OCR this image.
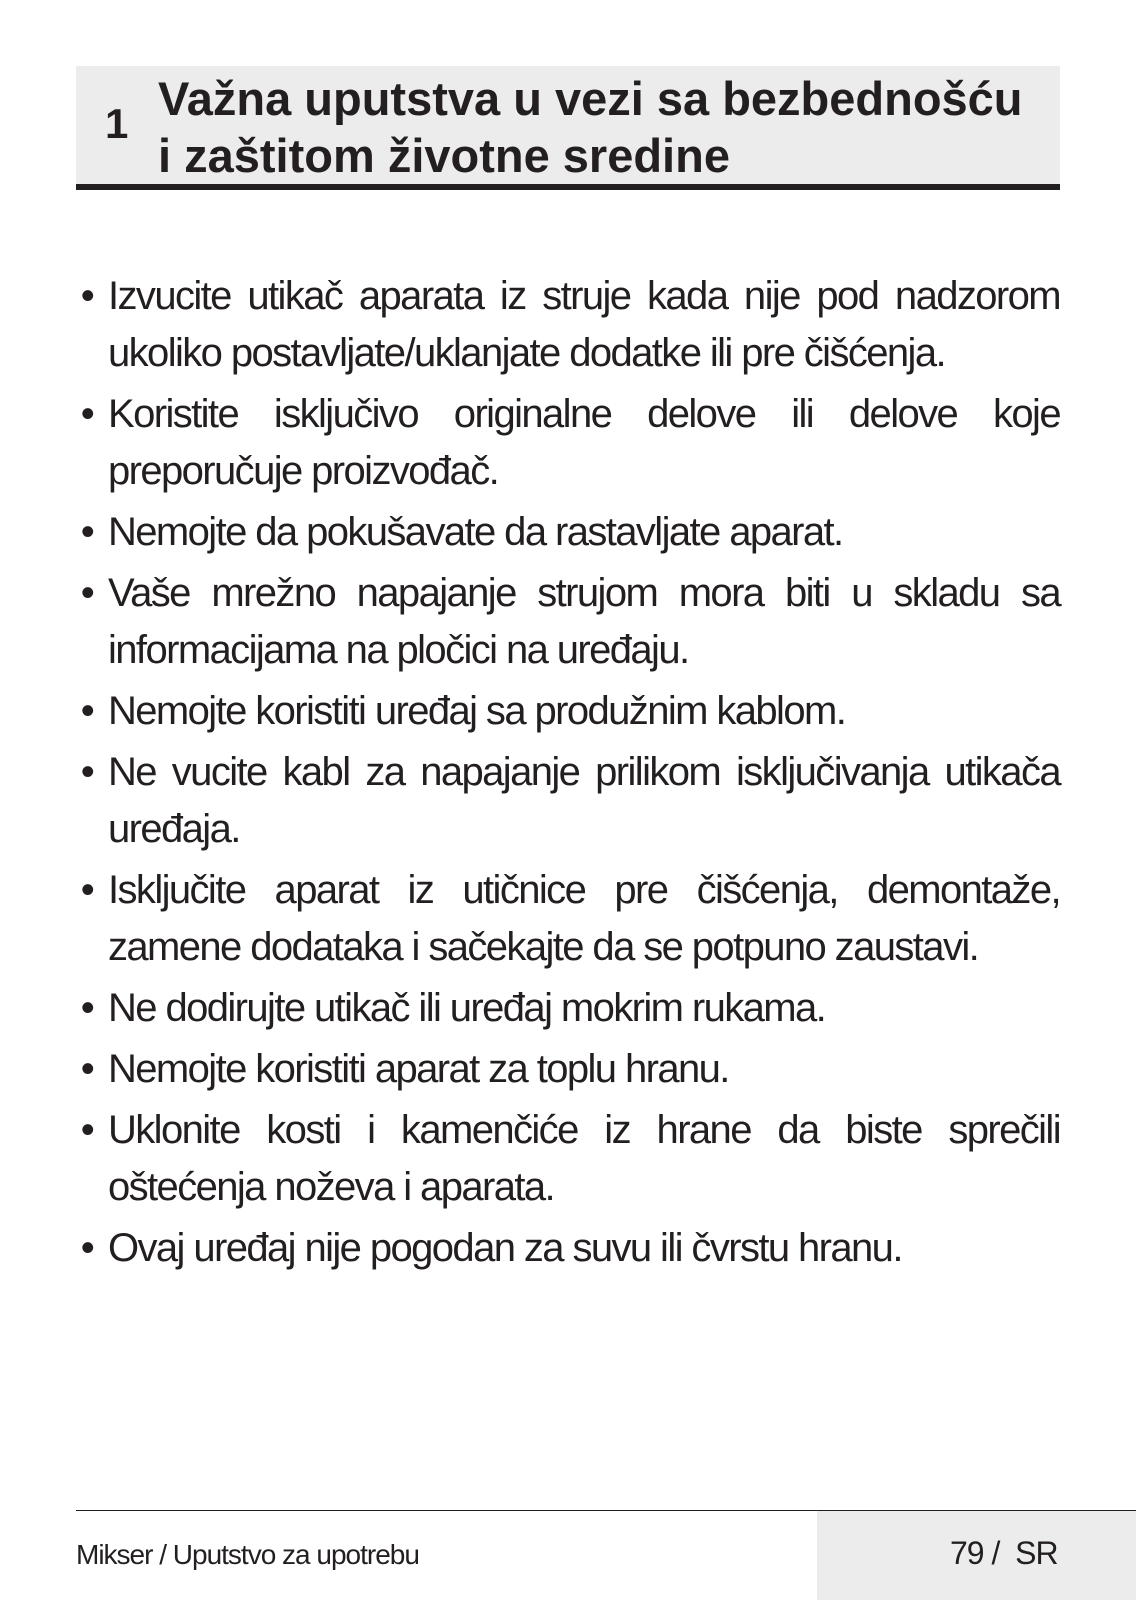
1 Važna uputstva u vezi sa bezbednošću
i zaštitom životne sredine
• Izvucite utikač aparata iz struje kada nije pod nadzorom ukoliko postavljate/uklanjate dodatke ili pre čišćenja.
• Koristite isključivo originalne delove ili delove koje preporučuje proizvođač.
• Nemojte da pokušavate da rastavljate aparat.
• Vaše mrežno napajanje strujom mora biti u skladu sa informacijama na pločici na uređaju.
• Nemojte koristiti uređaj sa produžnim kablom.
• Ne vucite kabl za napajanje prilikom isključivanja utikača uređaja.
• Isključite aparat iz utičnice pre čišćenja, demontaže, zamene dodataka i sačekajte da se potpuno zaustavi.
• Ne dodirujte utikač ili uređaj mokrim rukama.
• Nemojte koristiti aparat za toplu hranu.
• Uklonite kosti i kamenčiće iz hrane da biste sprečili oštećenja noževa i aparata.
• Ovaj uređaj nije pogodan za suvu ili čvrstu hranu.
Mikser / Uputstvo za upotrebu	79 /  SR
